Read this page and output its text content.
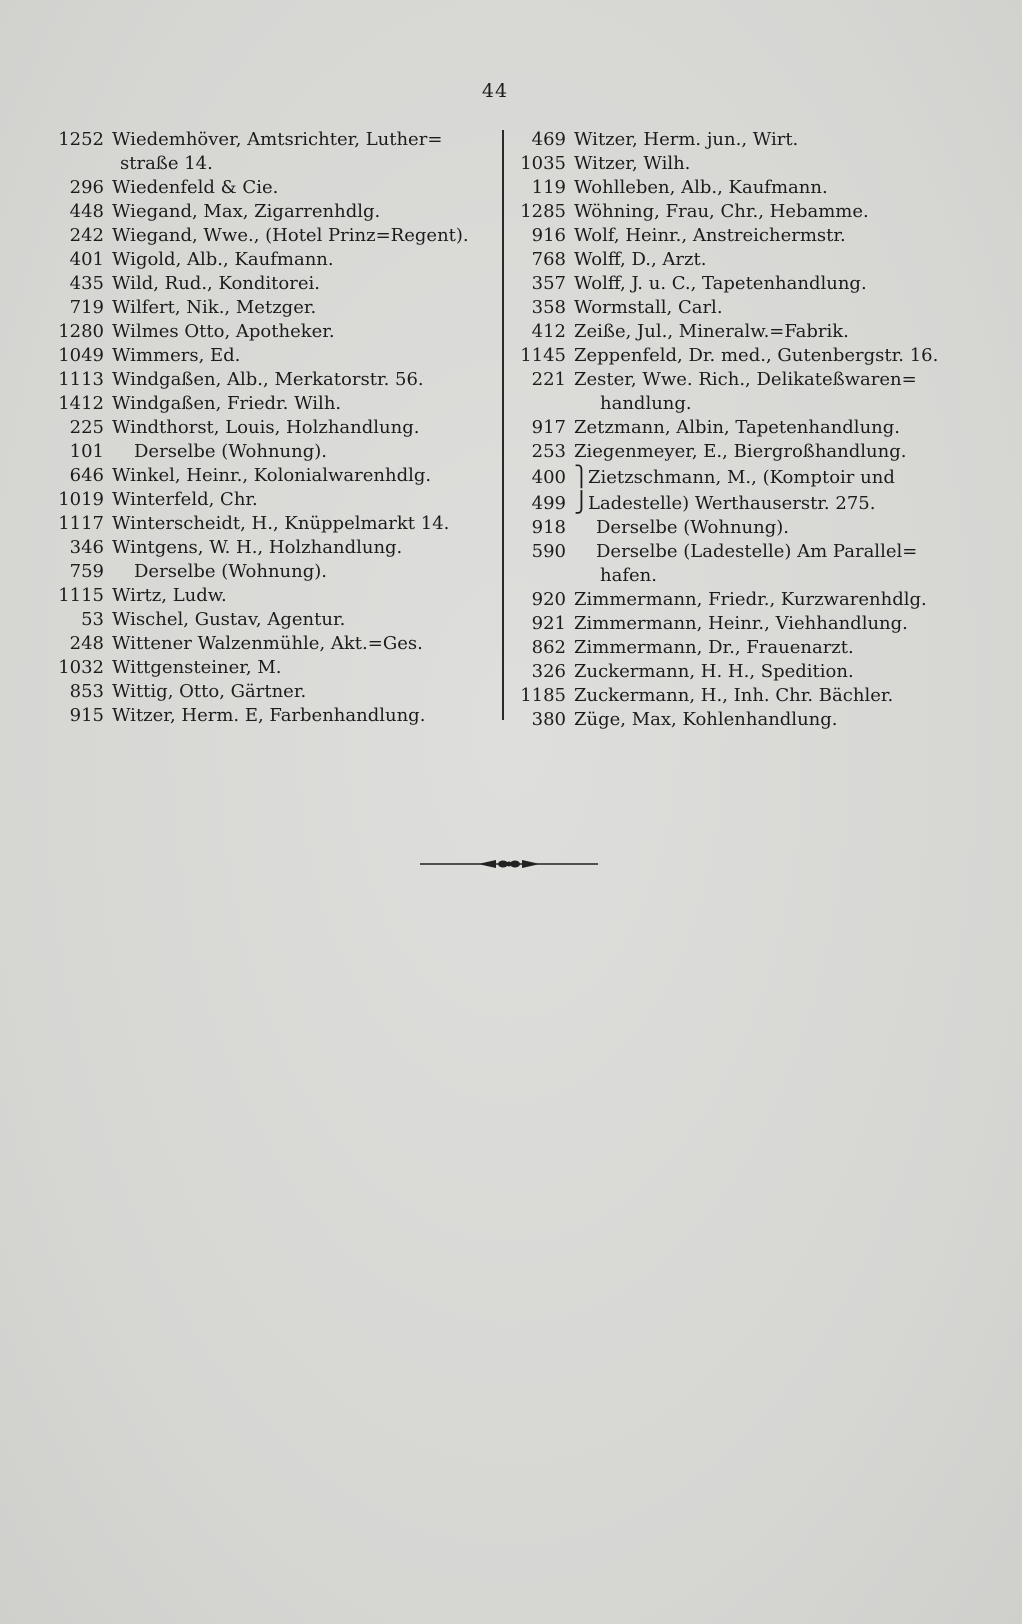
44
1252 Wiedemhöver, Amtsrichter, Luther=
straße 14.
296 Wiedenfeld & Cie.
448 Wiegand, Max, Zigarrenhdlg.
242 Wiegand, Wwe., (Hotel Prinz=Regent).
401 Wigold, Alb., Kaufmann.
435 Wild, Rud., Konditorei.
719 Wilfert, Nik., Metzger.
1280 Wilmes Otto, Apotheker.
1049 Wimmers, Ed.
1113 Windgaßen, Alb., Merkatorstr. 56.
1412 Windgaßen, Friedr. Wilh.
225 Windthorst, Louis, Holzhandlung.
101	Derselbe (Wohnung).
646 Winkel, Heinr., Kolonialwarenhdlg.
1019 Winterfeld, Chr.
1117 Winterscheidt, H., Knüppelmarkt 14.
346 Wintgens, W. H., Holzhandlung.
759	Derselbe (Wohnung).
1115 Wirtz, Ludw.
53 Wischel, Gustav, Agentur.
248 Wittener Walzenmühle, Akt.=Ges.
1032 Wittgensteiner, M.
853 Wittig, Otto, Gärtner.
915 Witzer, Herm. E, Farbenhandlung.
469 Witzer, Herm. jun., Wirt.
1035 Witzer, Wilh.
119 Wohlleben, Alb., Kaufmann.
1285 Wöhning, Frau, Chr., Hebamme.
916 Wolf, Heinr., Anstreichermstr.
768 Wolff, D., Arzt.
357 Wolff, J. u. C., Tapetenhandlung.
358 Wormstall, Carl.
412 Zeiße, Jul., Mineralw.=Fabrik.
1145 Zeppenfeld, Dr. med., Gutenbergstr. 16.
221 Zester, Wwe. Rich., Delikateßwaren=
handlung.
917 Zetzmann, Albin, Tapetenhandlung.
253 Ziegenmeyer, E., Biergroßhandlung.
400 ⎫ Zietzschmann, M., (Komptoir und
499 ⎭ Ladestelle) Werthauserstr. 275.
918	Derselbe (Wohnung).
590	Derselbe (Ladestelle) Am Parallel=
hafen.
920 Zimmermann, Friedr., Kurzwarenhdlg.
921 Zimmermann, Heinr., Viehhandlung.
862 Zimmermann, Dr., Frauenarzt.
326 Zuckermann, H. H., Spedition.
1185 Zuckermann, H., Inh. Chr. Bächler.
380 Züge, Max, Kohlenhandlung.
